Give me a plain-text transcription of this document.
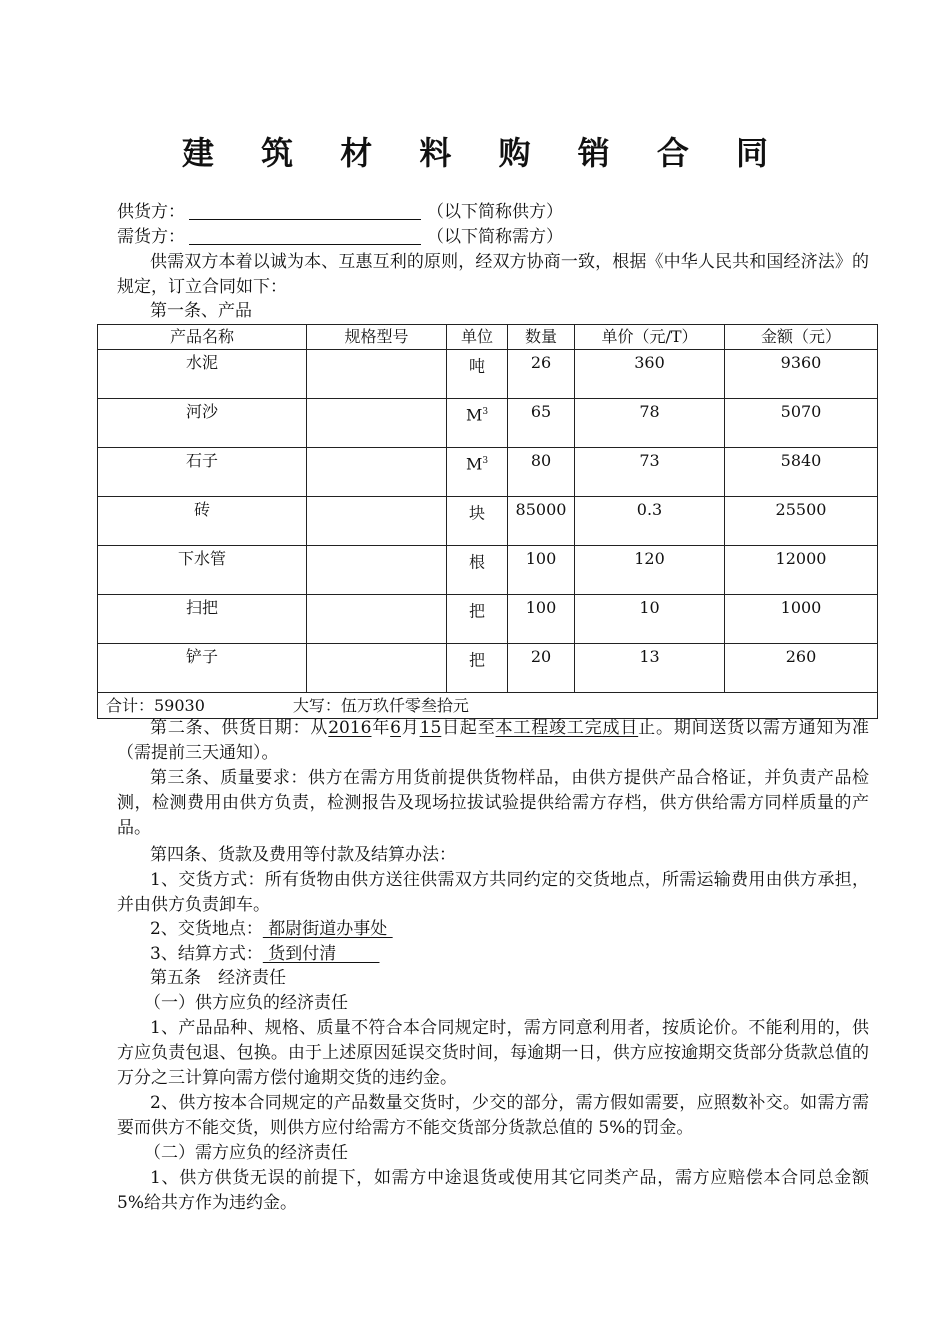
建 筑 材 料 购 销 合 同
供货方：	（以下简称供方）
需货方：	（以下简称需方）

供需双方本着以诚为本、互惠互利的原则，经双方协商一致，根据《中华人民共和国经济法》的规定，订立合同如下：

第一条、产品
产品名称	规格型号	单位	数量	单价（元/T）	金额（元）
水泥		吨	26	360	9360
河沙		$M^3$	65	78	5070
石子		$M^3$	80	73	5840
砖		块	85000	0.3	25500
下水管		根	100	120	12000
扫把		把	100	10	1000
铲子		把	20	13	260
合计：59030 大写：伍万玖仟零叁拾元					

第二条、供货日期：从2016年6月15日起至本工程竣工完成日止。期间送货以需方通知为准（需提前三天通知）。

第三条、质量要求：供方在需方用货前提供货物样品，由供方提供产品合格证，并负责产品检测，检测费用由供方负责，检测报告及现场拉拔试验提供给需方存档，供方供给需方同样质量的产品。

第四条、货款及费用等付款及结算办法：

1、交货方式：所有货物由供方送往供需双方共同约定的交货地点，所需运输费用由供方承担，并由供方负责卸车。

2、交货地点： 都尉街道办事处
3、结算方式： 货到付清
第五条　经济责任
（一）供方应负的经济责任

1、产品品种、规格、质量不符合本合同规定时，需方同意利用者，按质论价。不能利用的，供方应负责包退、包换。由于上述原因延误交货时间，每逾期一日，供方应按逾期交货部分货款总值的万分之三计算向需方偿付逾期交货的违约金。

2、供方按本合同规定的产品数量交货时，少交的部分，需方假如需要，应照数补交。如需方需要而供方不能交货，则供方应付给需方不能交货部分货款总值的 5%的罚金。

（二）需方应负的经济责任

1、供方供货无误的前提下，如需方中途退货或使用其它同类产品，需方应赔偿本合同总金额 5%给共方作为违约金。
